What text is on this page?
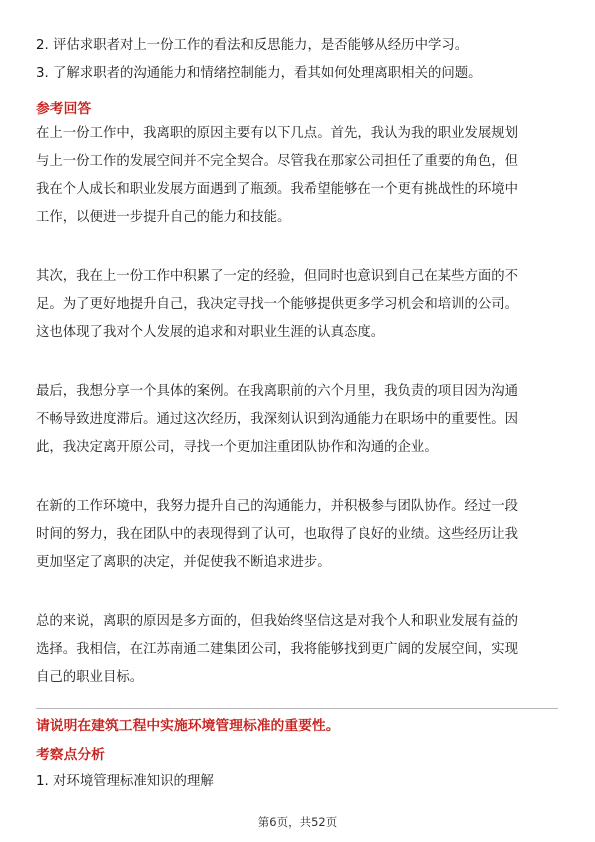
2. 评估求职者对上一份工作的看法和反思能力，是否能够从经历中学习。
3. 了解求职者的沟通能力和情绪控制能力，看其如何处理离职相关的问题。
参考回答
在上一份工作中，我离职的原因主要有以下几点。首先，我认为我的职业发展规划
与上一份工作的发展空间并不完全契合。尽管我在那家公司担任了重要的角色，但
我在个人成长和职业发展方面遇到了瓶颈。我希望能够在一个更有挑战性的环境中
工作，以便进一步提升自己的能力和技能。
其次，我在上一份工作中积累了一定的经验，但同时也意识到自己在某些方面的不
足。为了更好地提升自己，我决定寻找一个能够提供更多学习机会和培训的公司。
这也体现了我对个人发展的追求和对职业生涯的认真态度。
最后，我想分享一个具体的案例。在我离职前的六个月里，我负责的项目因为沟通
不畅导致进度滞后。通过这次经历，我深刻认识到沟通能力在职场中的重要性。因
此，我决定离开原公司，寻找一个更加注重团队协作和沟通的企业。
在新的工作环境中，我努力提升自己的沟通能力，并积极参与团队协作。经过一段
时间的努力，我在团队中的表现得到了认可，也取得了良好的业绩。这些经历让我
更加坚定了离职的决定，并促使我不断追求进步。
总的来说，离职的原因是多方面的，但我始终坚信这是对我个人和职业发展有益的
选择。我相信，在江苏南通二建集团公司，我将能够找到更广阔的发展空间，实现
自己的职业目标。
请说明在建筑工程中实施环境管理标准的重要性。
考察点分析
1. 对环境管理标准知识的理解
第6页，共52页
